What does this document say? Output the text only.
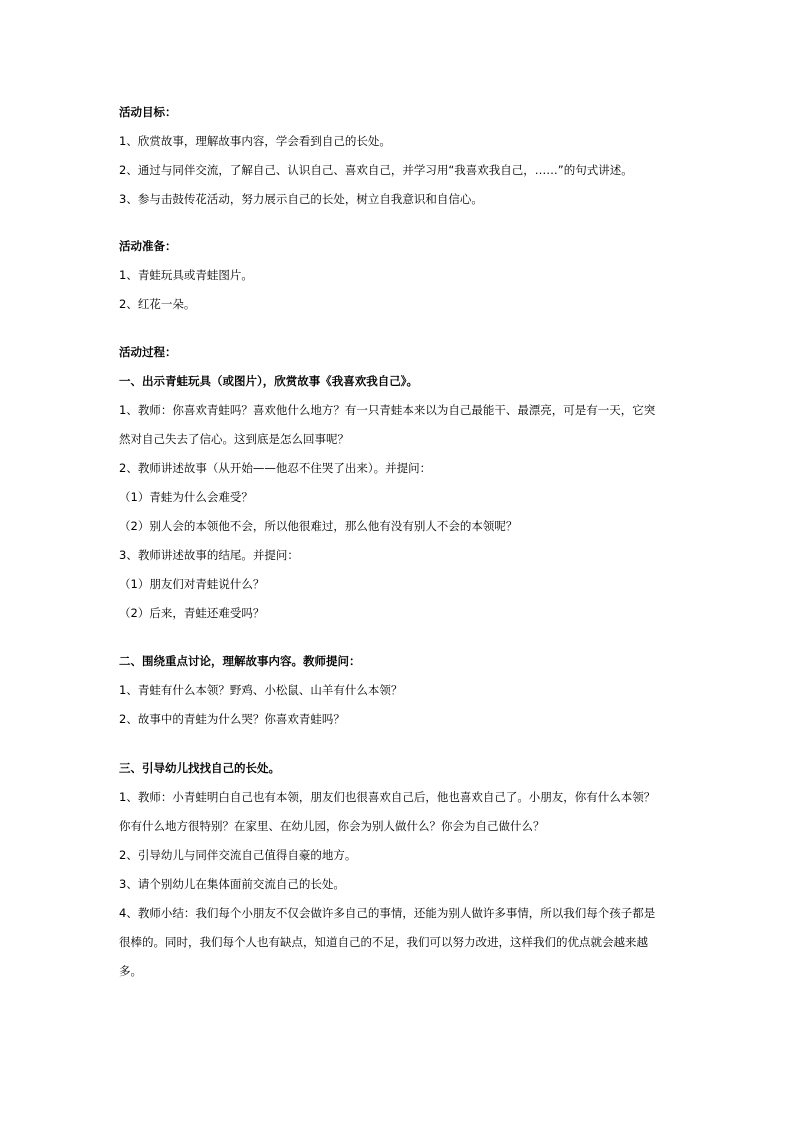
活动目标：
1、欣赏故事，理解故事内容，学会看到自己的长处。
2、通过与同伴交流，了解自己、认识自己、喜欢自己，并学习用“我喜欢我自己，……”的句式讲述。
3、参与击鼓传花活动，努力展示自己的长处，树立自我意识和自信心。
活动准备：
1、青蛙玩具或青蛙图片。
2、红花一朵。
活动过程：
一、出示青蛙玩具（或图片），欣赏故事《我喜欢我自己》。
1、教师：你喜欢青蛙吗？喜欢他什么地方？有一只青蛙本来以为自己最能干、最漂亮，可是有一天，它突
然对自己失去了信心。这到底是怎么回事呢？
2、教师讲述故事（从开始——他忍不住哭了出来）。并提问：
（1）青蛙为什么会难受？
（2）别人会的本领他不会，所以他很难过，那么他有没有别人不会的本领呢？
3、教师讲述故事的结尾。并提问：
（1）朋友们对青蛙说什么？
（2）后来，青蛙还难受吗？
二、围绕重点讨论，理解故事内容。教师提问：
1、青蛙有什么本领？野鸡、小松鼠、山羊有什么本领？
2、故事中的青蛙为什么哭？你喜欢青蛙吗？
三、引导幼儿找找自己的长处。
1、教师：小青蛙明白自己也有本领，朋友们也很喜欢自己后，他也喜欢自己了。小朋友，你有什么本领？
你有什么地方很特别？在家里、在幼儿园，你会为别人做什么？你会为自己做什么？
2、引导幼儿与同伴交流自己值得自豪的地方。
3、请个别幼儿在集体面前交流自己的长处。
4、教师小结：我们每个小朋友不仅会做许多自己的事情，还能为别人做许多事情，所以我们每个孩子都是
很棒的。同时，我们每个人也有缺点，知道自己的不足，我们可以努力改进，这样我们的优点就会越来越
多。
